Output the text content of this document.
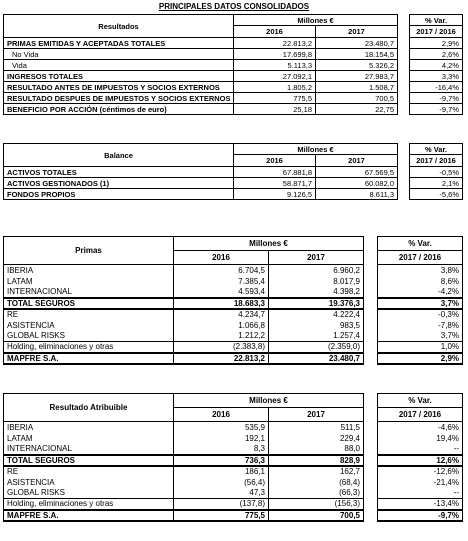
PRINCIPALES DATOS CONSOLIDADOS
Resultados	Millones €			% Var.
	2016	2017		2017 / 2016
PRIMAS EMITIDAS Y ACEPTADAS TOTALES	22.813,2	23.480,7		2,9%
No Vida	17.699,8	18.154,5		2,6%
Vida	5.113,3	5.326,2		4,2%
INGRESOS TOTALES	27.092,1	27.983,7		3,3%
RESULTADO ANTES DE IMPUESTOS Y SOCIOS EXTERNOS	1.805,2	1.508,7		-16,4%
RESULTADO DESPUES DE IMPUESTOS Y SOCIOS EXTERNOS	775,5	700,5		-9,7%
BENEFICIO POR ACCIÓN (céntimos de euro)	25,18	22,75		-9,7%
Balance	Millones €			% Var.
	2016	2017		2017 / 2016
ACTIVOS TOTALES	67.881,8	67.569,5		-0,5%
ACTIVOS GESTIONADOS (1)	58.871,7	60.082,0		2,1%
FONDOS PROPIOS	9.126,5	8.611,3		-5,6%
Primas	Millones €			% Var.
	2016	2017		2017 / 2016
IBERIA	6.704,5	6.960,2		3,8%
LATAM	7.385,4	8.017,9		8,6%
INTERNACIONAL	4.593,4	4.398,2		-4,2%
TOTAL SEGUROS	18.683,3	19.376,3		3,7%
RE	4.234,7	4.222,4		-0,3%
ASISTENCIA	1.066,8	983,5		-7,8%
GLOBAL RISKS	1.212,2	1.257,4		3,7%
Holding, eliminaciones y otras	(2.383,8)	(2.359,0)		1,0%
MAPFRE S.A.	22.813,2	23.480,7		2,9%
Resultado Atribuible	Millones €			% Var.
	2016	2017		2017 / 2016
IBERIA	535,9	511,5		-4,6%
LATAM	192,1	229,4		19,4%
INTERNACIONAL	8,3	88,0		--
TOTAL SEGUROS	736,3	828,9		12,6%
RE	186,1	162,7		-12,6%
ASISTENCIA	(56,4)	(68,4)		-21,4%
GLOBAL RISKS	47,3	(66,3)		--
Holding, eliminaciones y otras	(137,8)	(156,3)		-13,4%
MAPFRE S.A.	775,5	700,5		-9,7%
